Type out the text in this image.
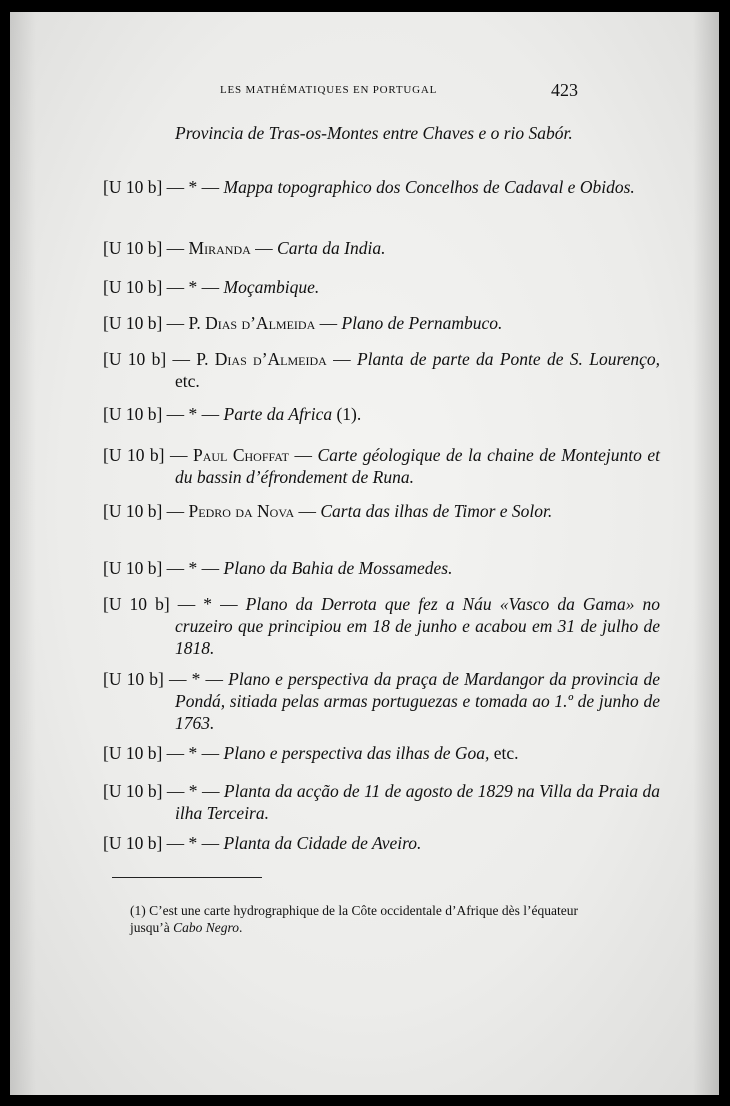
LES MATHÉMATIQUES EN PORTUGAL	423
Provincia de Tras-os-Montes entre Chaves e o rio Sabór.
[U 10 b] — * — Mappa topographico dos Concelhos de Cadaval e Obidos.
[U 10 b] — Miranda — Carta da India.
[U 10 b] — * — Moçambique.
[U 10 b] — P. Dias d’Almeida — Plano de Pernambuco.
[U 10 b] — P. Dias d’Almeida — Planta de parte da Ponte de S. Lourenço, etc.
[U 10 b] — * — Parte da Africa (1).
[U 10 b] — Paul Choffat — Carte géologique de la chaine de Montejunto et du bassin d’éfrondement de Runa.
[U 10 b] — Pedro da Nova — Carta das ilhas de Timor e Solor.
[U 10 b] — * — Plano da Bahia de Mossamedes.
[U 10 b] — * — Plano da Derrota que fez a Náu «Vasco da Gama» no cruzeiro que principiou em 18 de junho e acabou em 31 de julho de 1818.
[U 10 b] — * — Plano e perspectiva da praça de Mardangor da provincia de Pondá, sitiada pelas armas portuguezas e tomada ao 1.º de junho de 1763.
[U 10 b] — * — Plano e perspectiva das ilhas de Goa, etc.
[U 10 b] — * — Planta da acção de 11 de agosto de 1829 na Villa da Praia da ilha Terceira.
[U 10 b] — * — Planta da Cidade de Aveiro.
(1) C’est une carte hydrographique de la Côte occidentale d’Afrique dès l’équateur jusqu’à Cabo Negro.
